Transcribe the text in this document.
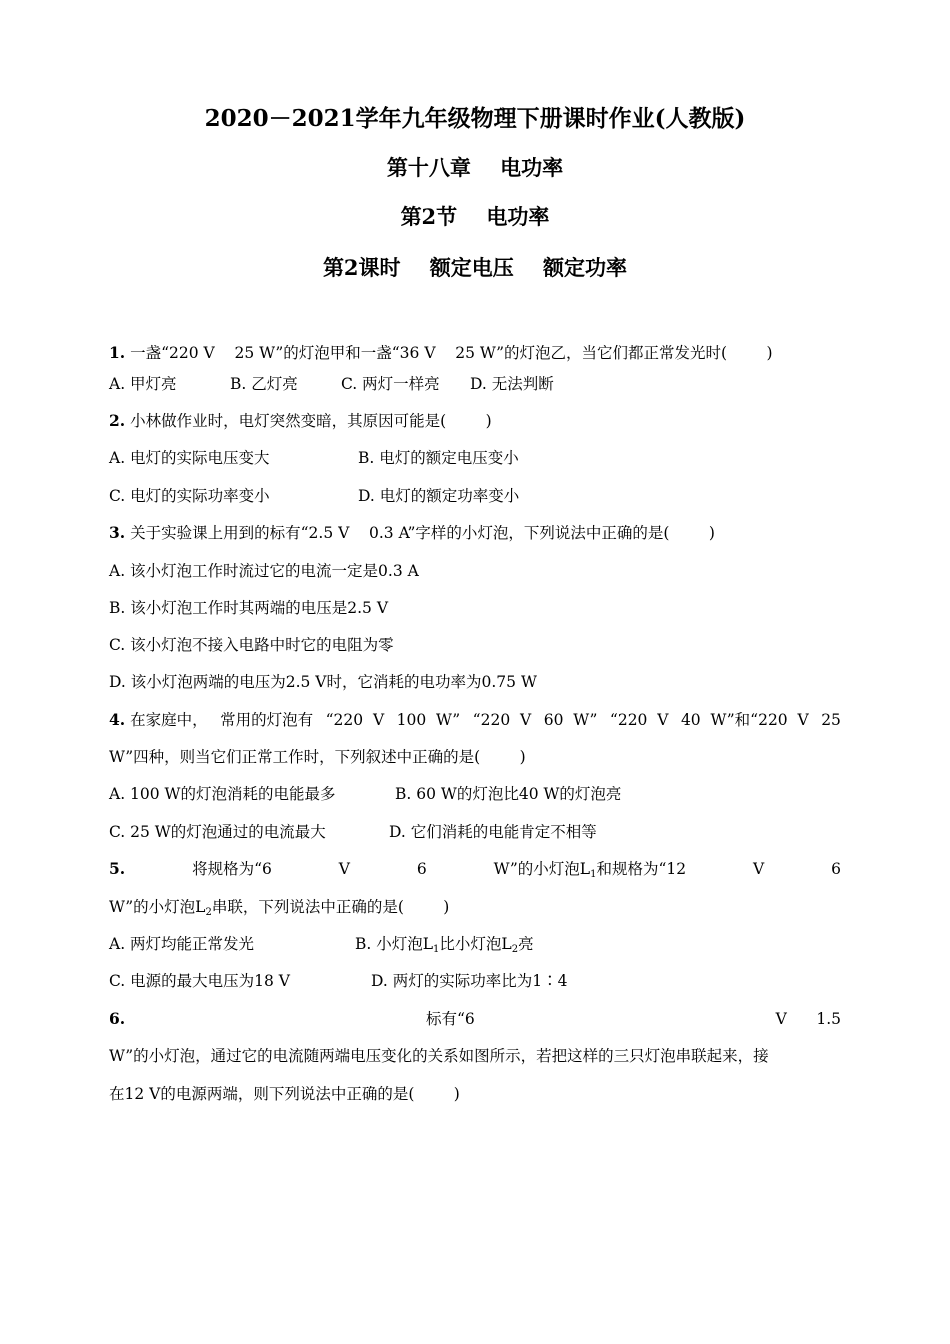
2020－2021学年九年级物理下册课时作业(人教版)
第十八章    电功率
第2节    电功率
第2课时    额定电压    额定功率
1. 一盏“220 V    25 W”的灯泡甲和一盏“36 V    25 W”的灯泡乙，当它们都正常发光时(        )
A. 甲灯亮	B. 乙灯亮	C. 两灯一样亮 D. 无法判断
2. 小林做作业时，电灯突然变暗，其原因可能是(        )
A. 电灯的实际电压变大	B. 电灯的额定电压变小
C. 电灯的实际功率变小	D. 电灯的额定功率变小
3. 关于实验课上用到的标有“2.5 V    0.3 A”字样的小灯泡，下列说法中正确的是(        )
A. 该小灯泡工作时流过它的电流一定是0.3 A
B. 该小灯泡工作时其两端的电压是2.5 V
C. 该小灯泡不接入电路中时它的电阻为零
D. 该小灯泡两端的电压为2.5 V时，它消耗的电功率为0.75 W
4. 在家庭中， 常用的灯泡有 “220  V 100  W” “220  V 60  W” “220  V 40  W”和“220  V 25
W”四种，则当它们正常工作时，下列叙述中正确的是(        )
A. 100 W的灯泡消耗的电能最多	B. 60 W的灯泡比40 W的灯泡亮
C. 25 W的灯泡通过的电流最大	D. 它们消耗的电能肯定不相等
5.	将规格为“6	V	6	W”的小灯泡$L_1$和规格为“12	V	6
W”的小灯泡$L_2$串联，下列说法中正确的是(        )
A. 两灯均能正常发光	B. 小灯泡$L_1$比小灯泡$L_2$亮
C. 电源的最大电压为18 V	D. 两灯的实际功率比为1∶4
6.	标有“6	V 1.5
W”的小灯泡，通过它的电流随两端电压变化的关系如图所示，若把这样的三只灯泡串联起来，接
在12 V的电源两端，则下列说法中正确的是(        )
